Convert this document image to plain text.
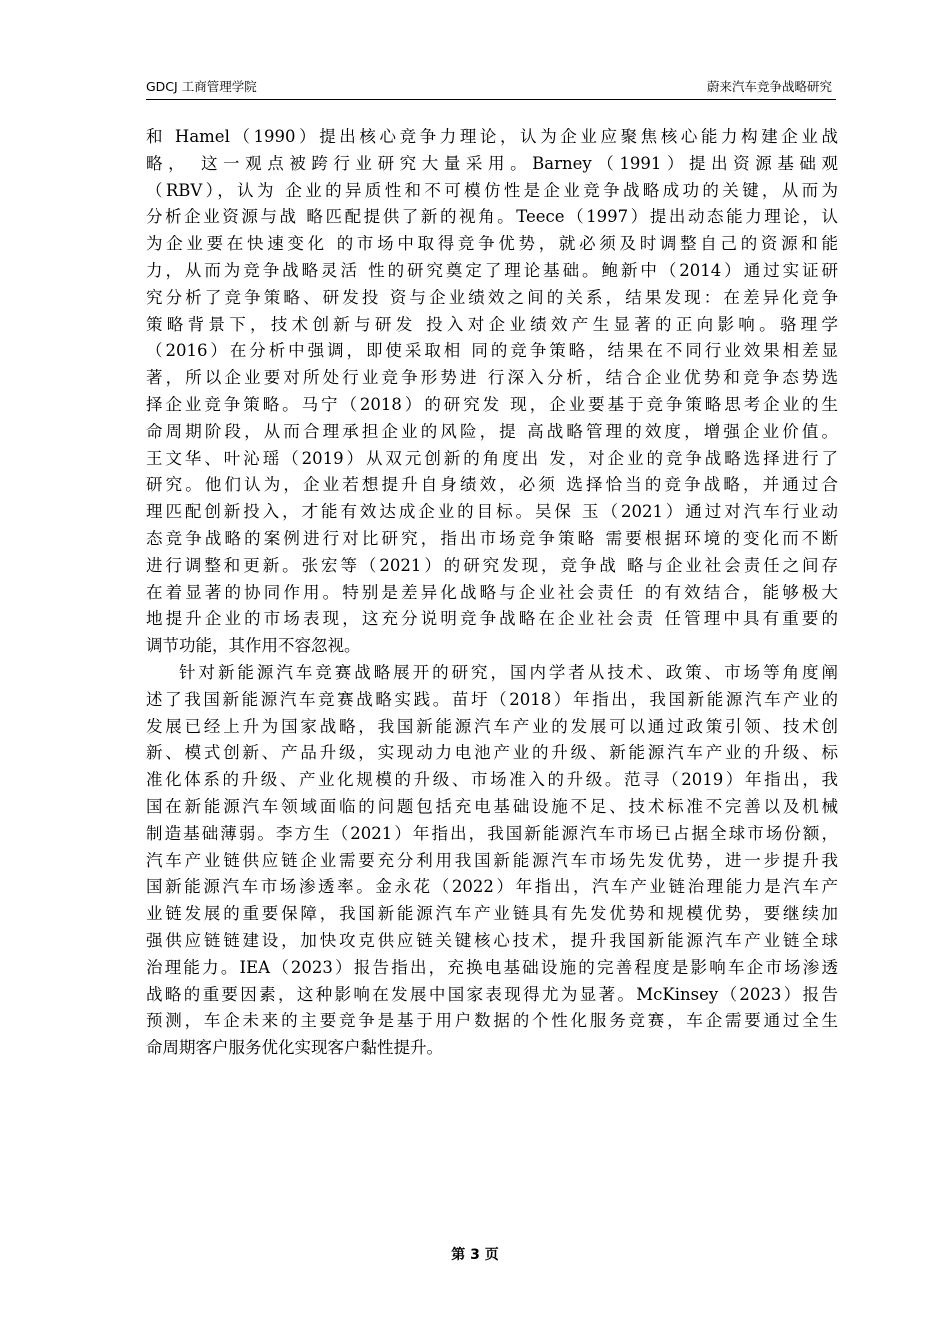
GDCJ 工商管理学院	蔚来汽车竞争战略研究
和 Hamel（1990）提出核心竞争力理论，认为企业应聚焦核心能力构建企业战
略， 这一观点被跨行业研究大量采用。Barney（1991）提出资源基础观
（RBV），认为 企业的异质性和不可模仿性是企业竞争战略成功的关键，从而为
分析企业资源与战 略匹配提供了新的视角。Teece（1997）提出动态能力理论，认
为企业要在快速变化 的市场中取得竞争优势，就必须及时调整自己的资源和能
力，从而为竞争战略灵活 性的研究奠定了理论基础。鲍新中（2014）通过实证研
究分析了竞争策略、研发投 资与企业绩效之间的关系，结果发现：在差异化竞争
策略背景下，技术创新与研发 投入对企业绩效产生显著的正向影响。骆理学
（2016）在分析中强调，即使采取相 同的竞争策略，结果在不同行业效果相差显
著，所以企业要对所处行业竞争形势进 行深入分析，结合企业优势和竞争态势选
择企业竞争策略。马宁（2018）的研究发 现，企业要基于竞争策略思考企业的生
命周期阶段，从而合理承担企业的风险，提 高战略管理的效度，增强企业价值。
王文华、叶沁瑶（2019）从双元创新的角度出 发，对企业的竞争战略选择进行了
研究。他们认为，企业若想提升自身绩效，必须 选择恰当的竞争战略，并通过合
理匹配创新投入，才能有效达成企业的目标。吴保 玉（2021）通过对汽车行业动
态竞争战略的案例进行对比研究，指出市场竞争策略 需要根据环境的变化而不断
进行调整和更新。张宏等（2021）的研究发现，竞争战 略与企业社会责任之间存
在着显著的协同作用。特别是差异化战略与企业社会责任 的有效结合，能够极大
地提升企业的市场表现，这充分说明竞争战略在企业社会责 任管理中具有重要的
调节功能，其作用不容忽视。
针对新能源汽车竞赛战略展开的研究，国内学者从技术、政策、市场等角度阐
述了我国新能源汽车竞赛战略实践。苗圩（2018）年指出，我国新能源汽车产业的
发展已经上升为国家战略，我国新能源汽车产业的发展可以通过政策引领、技术创
新、模式创新、产品升级，实现动力电池产业的升级、新能源汽车产业的升级、标
准化体系的升级、产业化规模的升级、市场准入的升级。范寻（2019）年指出，我
国在新能源汽车领域面临的问题包括充电基础设施不足、技术标准不完善以及机械
制造基础薄弱。李方生（2021）年指出，我国新能源汽车市场已占据全球市场份额，
汽车产业链供应链企业需要充分利用我国新能源汽车市场先发优势，进一步提升我
国新能源汽车市场渗透率。金永花（2022）年指出，汽车产业链治理能力是汽车产
业链发展的重要保障，我国新能源汽车产业链具有先发优势和规模优势，要继续加
强供应链链建设，加快攻克供应链关键核心技术，提升我国新能源汽车产业链全球
治理能力。IEA（2023）报告指出，充换电基础设施的完善程度是影响车企市场渗透
战略的重要因素，这种影响在发展中国家表现得尤为显著。McKinsey（2023）报告
预测，车企未来的主要竞争是基于用户数据的个性化服务竞赛，车企需要通过全生
命周期客户服务优化实现客户黏性提升。
第 3 页
